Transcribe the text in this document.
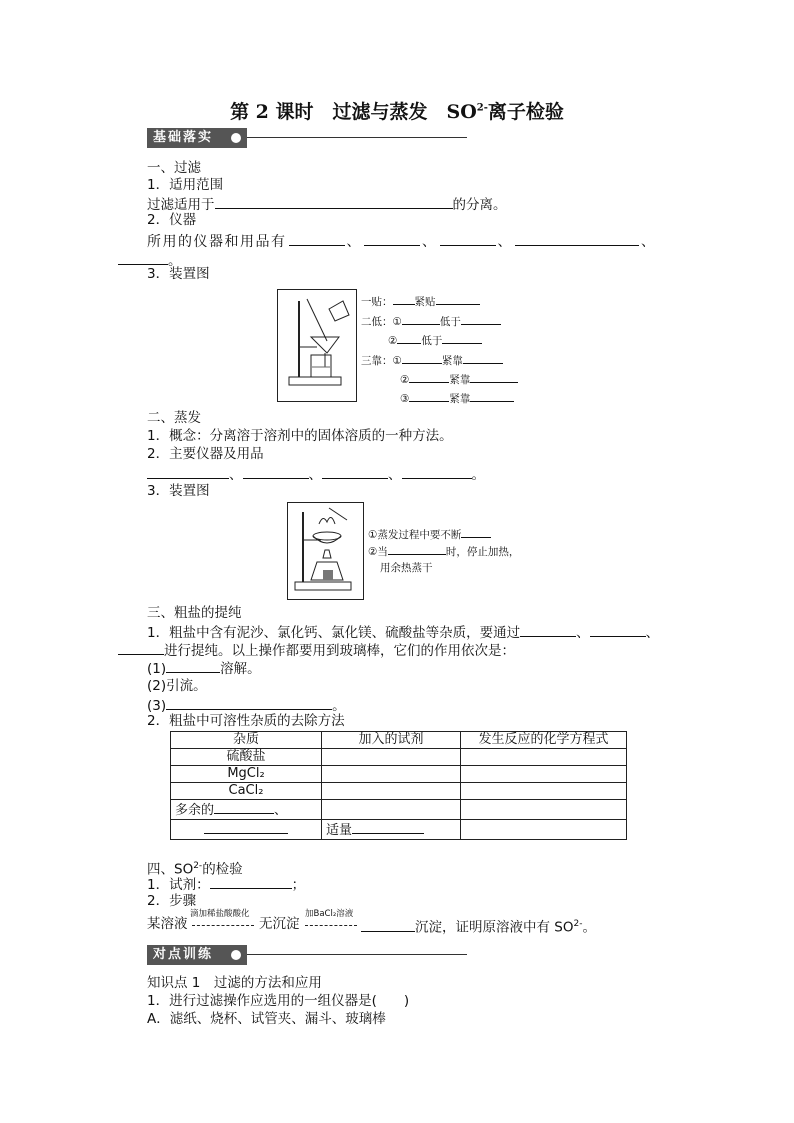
第 2 课时　过滤与蒸发　$SO^{2-}$离子检验
基础落实
一、过滤
1．适用范围
过滤适用于	的分离。
2．仪器
所用的仪器和用品有	、	、	、	、
。
3．装置图
一贴： 紧贴
二低：①	低于
② 低于
三靠：①	紧靠
②	紧靠
③	紧靠
二、蒸发
1．概念：分离溶于溶剂中的固体溶质的一种方法。
2．主要仪器及用品
、	、	、	。
3．装置图
①蒸发过程中要不断
②当	时，停止加热，
用余热蒸干
三、粗盐的提纯
1．粗盐中含有泥沙、氯化钙、氯化镁、硫酸盐等杂质，要通过	、	、
进行提纯。以上操作都要用到玻璃棒，它们的作用依次是：
(1)	溶解。
(2)引流。
(3)	。
2．粗盐中可溶性杂质的去除方法
杂质	加入的试剂	发生反应的化学方程式
硫酸盐		
MgCl₂		
CaCl₂		
多余的 、		
	适量	
四、$SO^{2-}$的检验
1．试剂：	；
2．步骤
某溶液
滴加稀盐酸酸化
无沉淀
加BaCl₂溶液
沉淀，证明原溶液中有 $SO^{2-}$。
对点训练
知识点 1　过滤的方法和应用
1．进行过滤操作应选用的一组仪器是(　　)
A．滤纸、烧杯、试管夹、漏斗、玻璃棒
